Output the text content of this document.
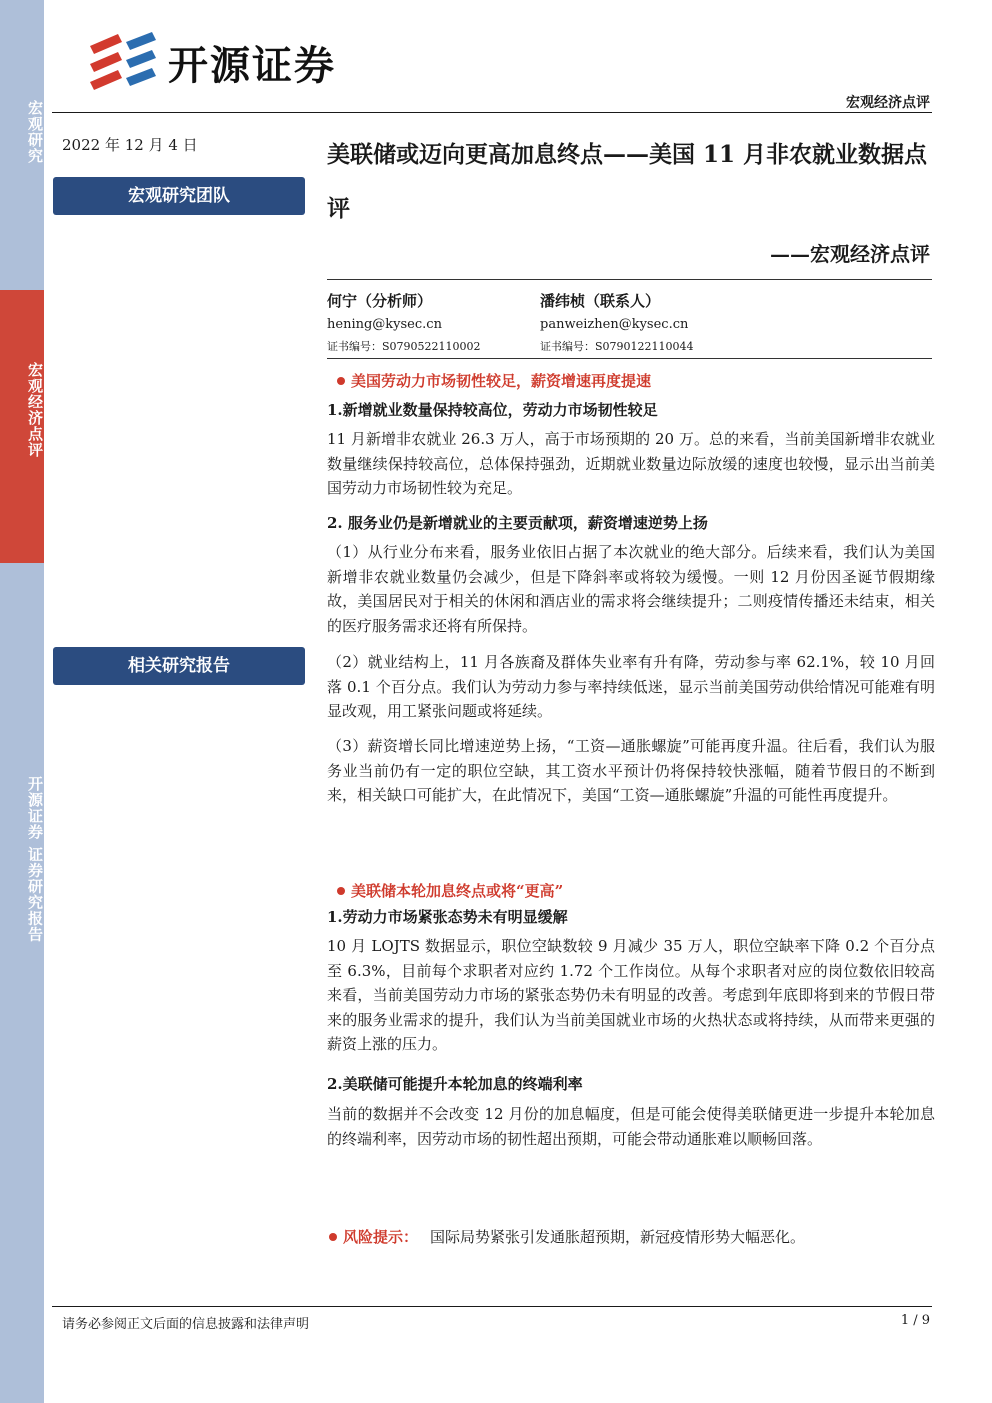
宏观研究
宏观经济点评
开源证券 证券研究报告
开源证券
宏观经济点评
2022 年 12 月 4 日
宏观研究团队
相关研究报告
美联储或迈向更高加息终点——美国 11 月非农就业数据点评
——宏观经济点评
何宁（分析师）
hening@kysec.cn
证书编号：S0790522110002
潘纬桢（联系人）
panweizhen@kysec.cn
证书编号：S0790122110044
美国劳动力市场韧性较足，薪资增速再度提速
1.新增就业数量保持较高位，劳动力市场韧性较足
11 月新增非农就业 26.3 万人，高于市场预期的 20 万。总的来看，当前美国新增非农就业数量继续保持较高位，总体保持强劲，近期就业数量边际放缓的速度也较慢，显示出当前美国劳动力市场韧性较为充足。
2. 服务业仍是新增就业的主要贡献项，薪资增速逆势上扬
（1）从行业分布来看，服务业依旧占据了本次就业的绝大部分。后续来看，我们认为美国新增非农就业数量仍会减少，但是下降斜率或将较为缓慢。一则 12 月份因圣诞节假期缘故，美国居民对于相关的休闲和酒店业的需求将会继续提升；二则疫情传播还未结束，相关的医疗服务需求还将有所保持。
（2）就业结构上，11 月各族裔及群体失业率有升有降，劳动参与率 62.1%，较 10 月回落 0.1 个百分点。我们认为劳动力参与率持续低迷，显示当前美国劳动供给情况可能难有明显改观，用工紧张问题或将延续。
（3）薪资增长同比增速逆势上扬，“工资—通胀螺旋”可能再度升温。往后看，我们认为服务业当前仍有一定的职位空缺，其工资水平预计仍将保持较快涨幅，随着节假日的不断到来，相关缺口可能扩大，在此情况下，美国“工资—通胀螺旋”升温的可能性再度提升。
美联储本轮加息终点或将“更高”
1.劳动力市场紧张态势未有明显缓解
10 月 LOJTS 数据显示，职位空缺数较 9 月减少 35 万人，职位空缺率下降 0.2 个百分点至 6.3%，目前每个求职者对应约 1.72 个工作岗位。从每个求职者对应的岗位数依旧较高来看，当前美国劳动力市场的紧张态势仍未有明显的改善。考虑到年底即将到来的节假日带来的服务业需求的提升，我们认为当前美国就业市场的火热状态或将持续，从而带来更强的薪资上涨的压力。
2.美联储可能提升本轮加息的终端利率
当前的数据并不会改变 12 月份的加息幅度，但是可能会使得美联储更进一步提升本轮加息的终端利率，因劳动市场的韧性超出预期，可能会带动通胀难以顺畅回落。
风险提示： 国际局势紧张引发通胀超预期，新冠疫情形势大幅恶化。
请务必参阅正文后面的信息披露和法律声明	1 / 9
